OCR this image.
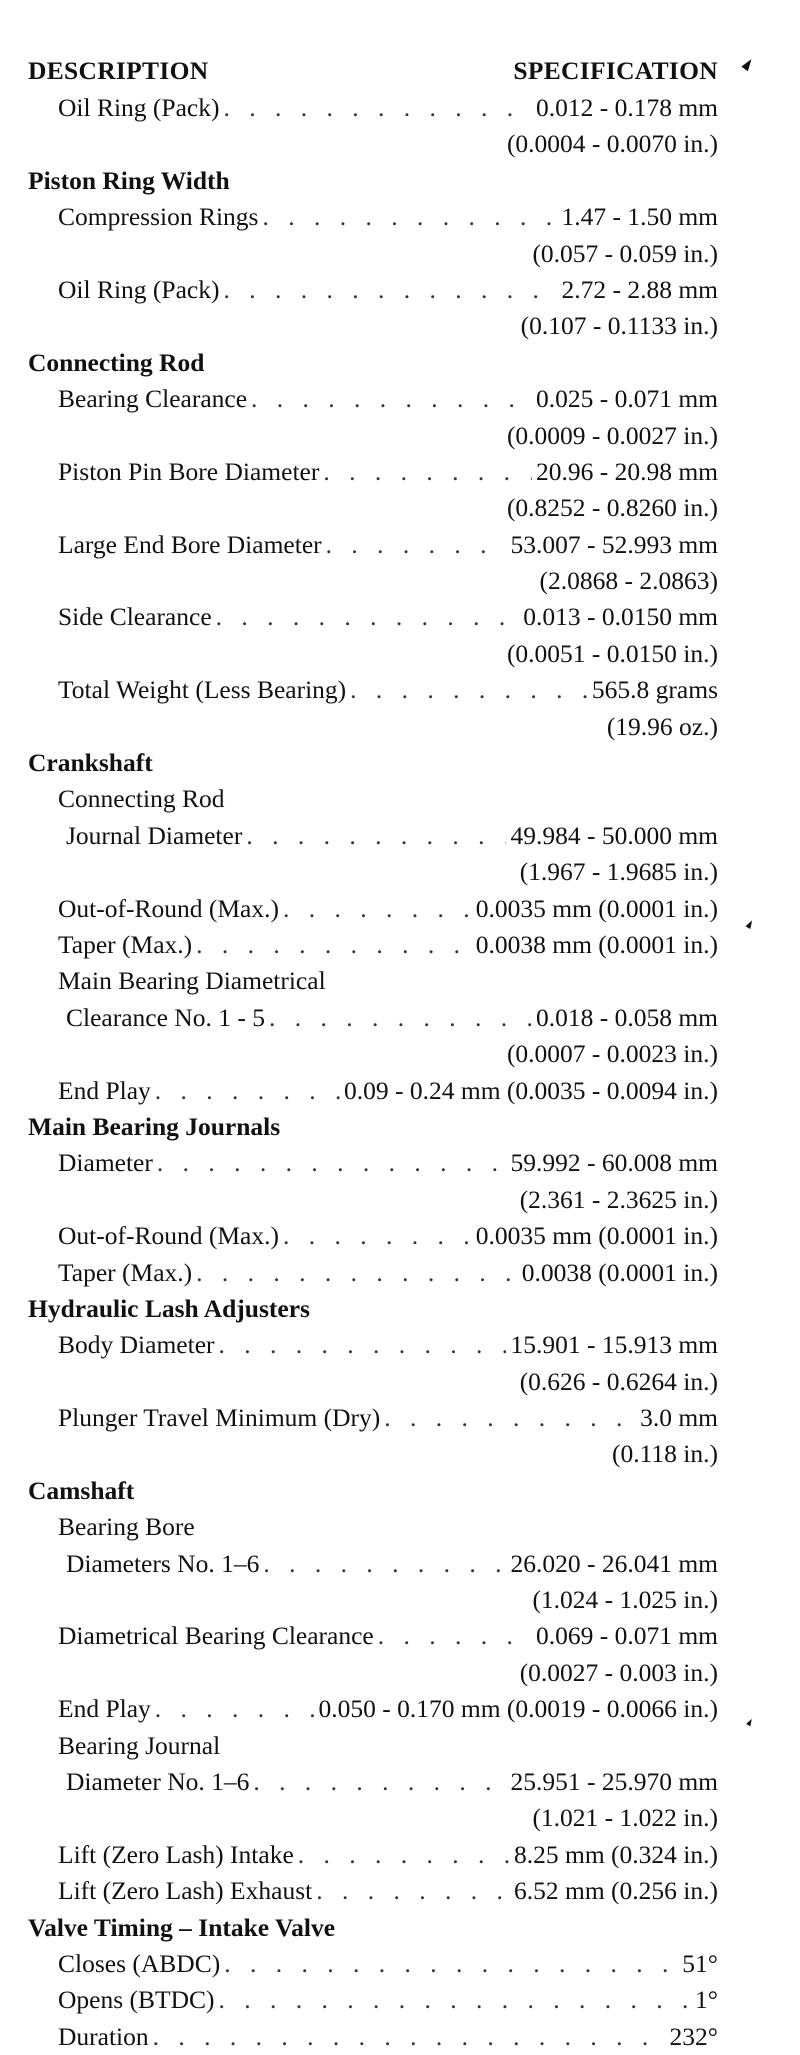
DESCRIPTION	SPECIFICATION
Oil Ring (Pack) . . .	0.012 - 0.178 mm
(0.0004 - 0.0070 in.)
Piston Ring Width
Compression Rings . . .	1.47 - 1.50 mm
(0.057 - 0.059 in.)
Oil Ring (Pack) . . .	2.72 - 2.88 mm
(0.107 - 0.1133 in.)
Connecting Rod
Bearing Clearance . . .	0.025 - 0.071 mm
(0.0009 - 0.0027 in.)
Piston Pin Bore Diameter . . .	20.96 - 20.98 mm
(0.8252 - 0.8260 in.)
Large End Bore Diameter . . .	53.007 - 52.993 mm
(2.0868 - 2.0863)
Side Clearance . . .	0.013 - 0.0150 mm
(0.0051 - 0.0150 in.)
Total Weight (Less Bearing) . . .	565.8 grams
(19.96 oz.)
Crankshaft
Connecting Rod
Journal Diameter . . .	49.984 - 50.000 mm
(1.967 - 1.9685 in.)
Out-of-Round (Max.) . . .	0.0035 mm (0.0001 in.)
Taper (Max.) . . .	0.0038 mm (0.0001 in.)
Main Bearing Diametrical
Clearance No. 1 - 5 . . .	0.018 - 0.058 mm
(0.0007 - 0.0023 in.)
End Play . . .	0.09 - 0.24 mm (0.0035 - 0.0094 in.)
Main Bearing Journals
Diameter . . .	59.992 - 60.008 mm
(2.361 - 2.3625 in.)
Out-of-Round (Max.) . . .	0.0035 mm (0.0001 in.)
Taper (Max.) . . .	0.0038 (0.0001 in.)
Hydraulic Lash Adjusters
Body Diameter . . .	15.901 - 15.913 mm
(0.626 - 0.6264 in.)
Plunger Travel Minimum (Dry) . . .	3.0 mm
(0.118 in.)
Camshaft
Bearing Bore
Diameters No. 1–6 . . .	26.020 - 26.041 mm
(1.024 - 1.025 in.)
Diametrical Bearing Clearance . . .	0.069 - 0.071 mm
(0.0027 - 0.003 in.)
End Play . . .	0.050 - 0.170 mm (0.0019 - 0.0066 in.)
Bearing Journal
Diameter No. 1–6 . . .	25.951 - 25.970 mm
(1.021 - 1.022 in.)
Lift (Zero Lash) Intake . . .	8.25 mm (0.324 in.)
Lift (Zero Lash) Exhaust . . .	6.52 mm (0.256 in.)
Valve Timing – Intake Valve
Closes (ABDC) . . .	51°
Opens (BTDC) . . .	1°
Duration . . .	232°
